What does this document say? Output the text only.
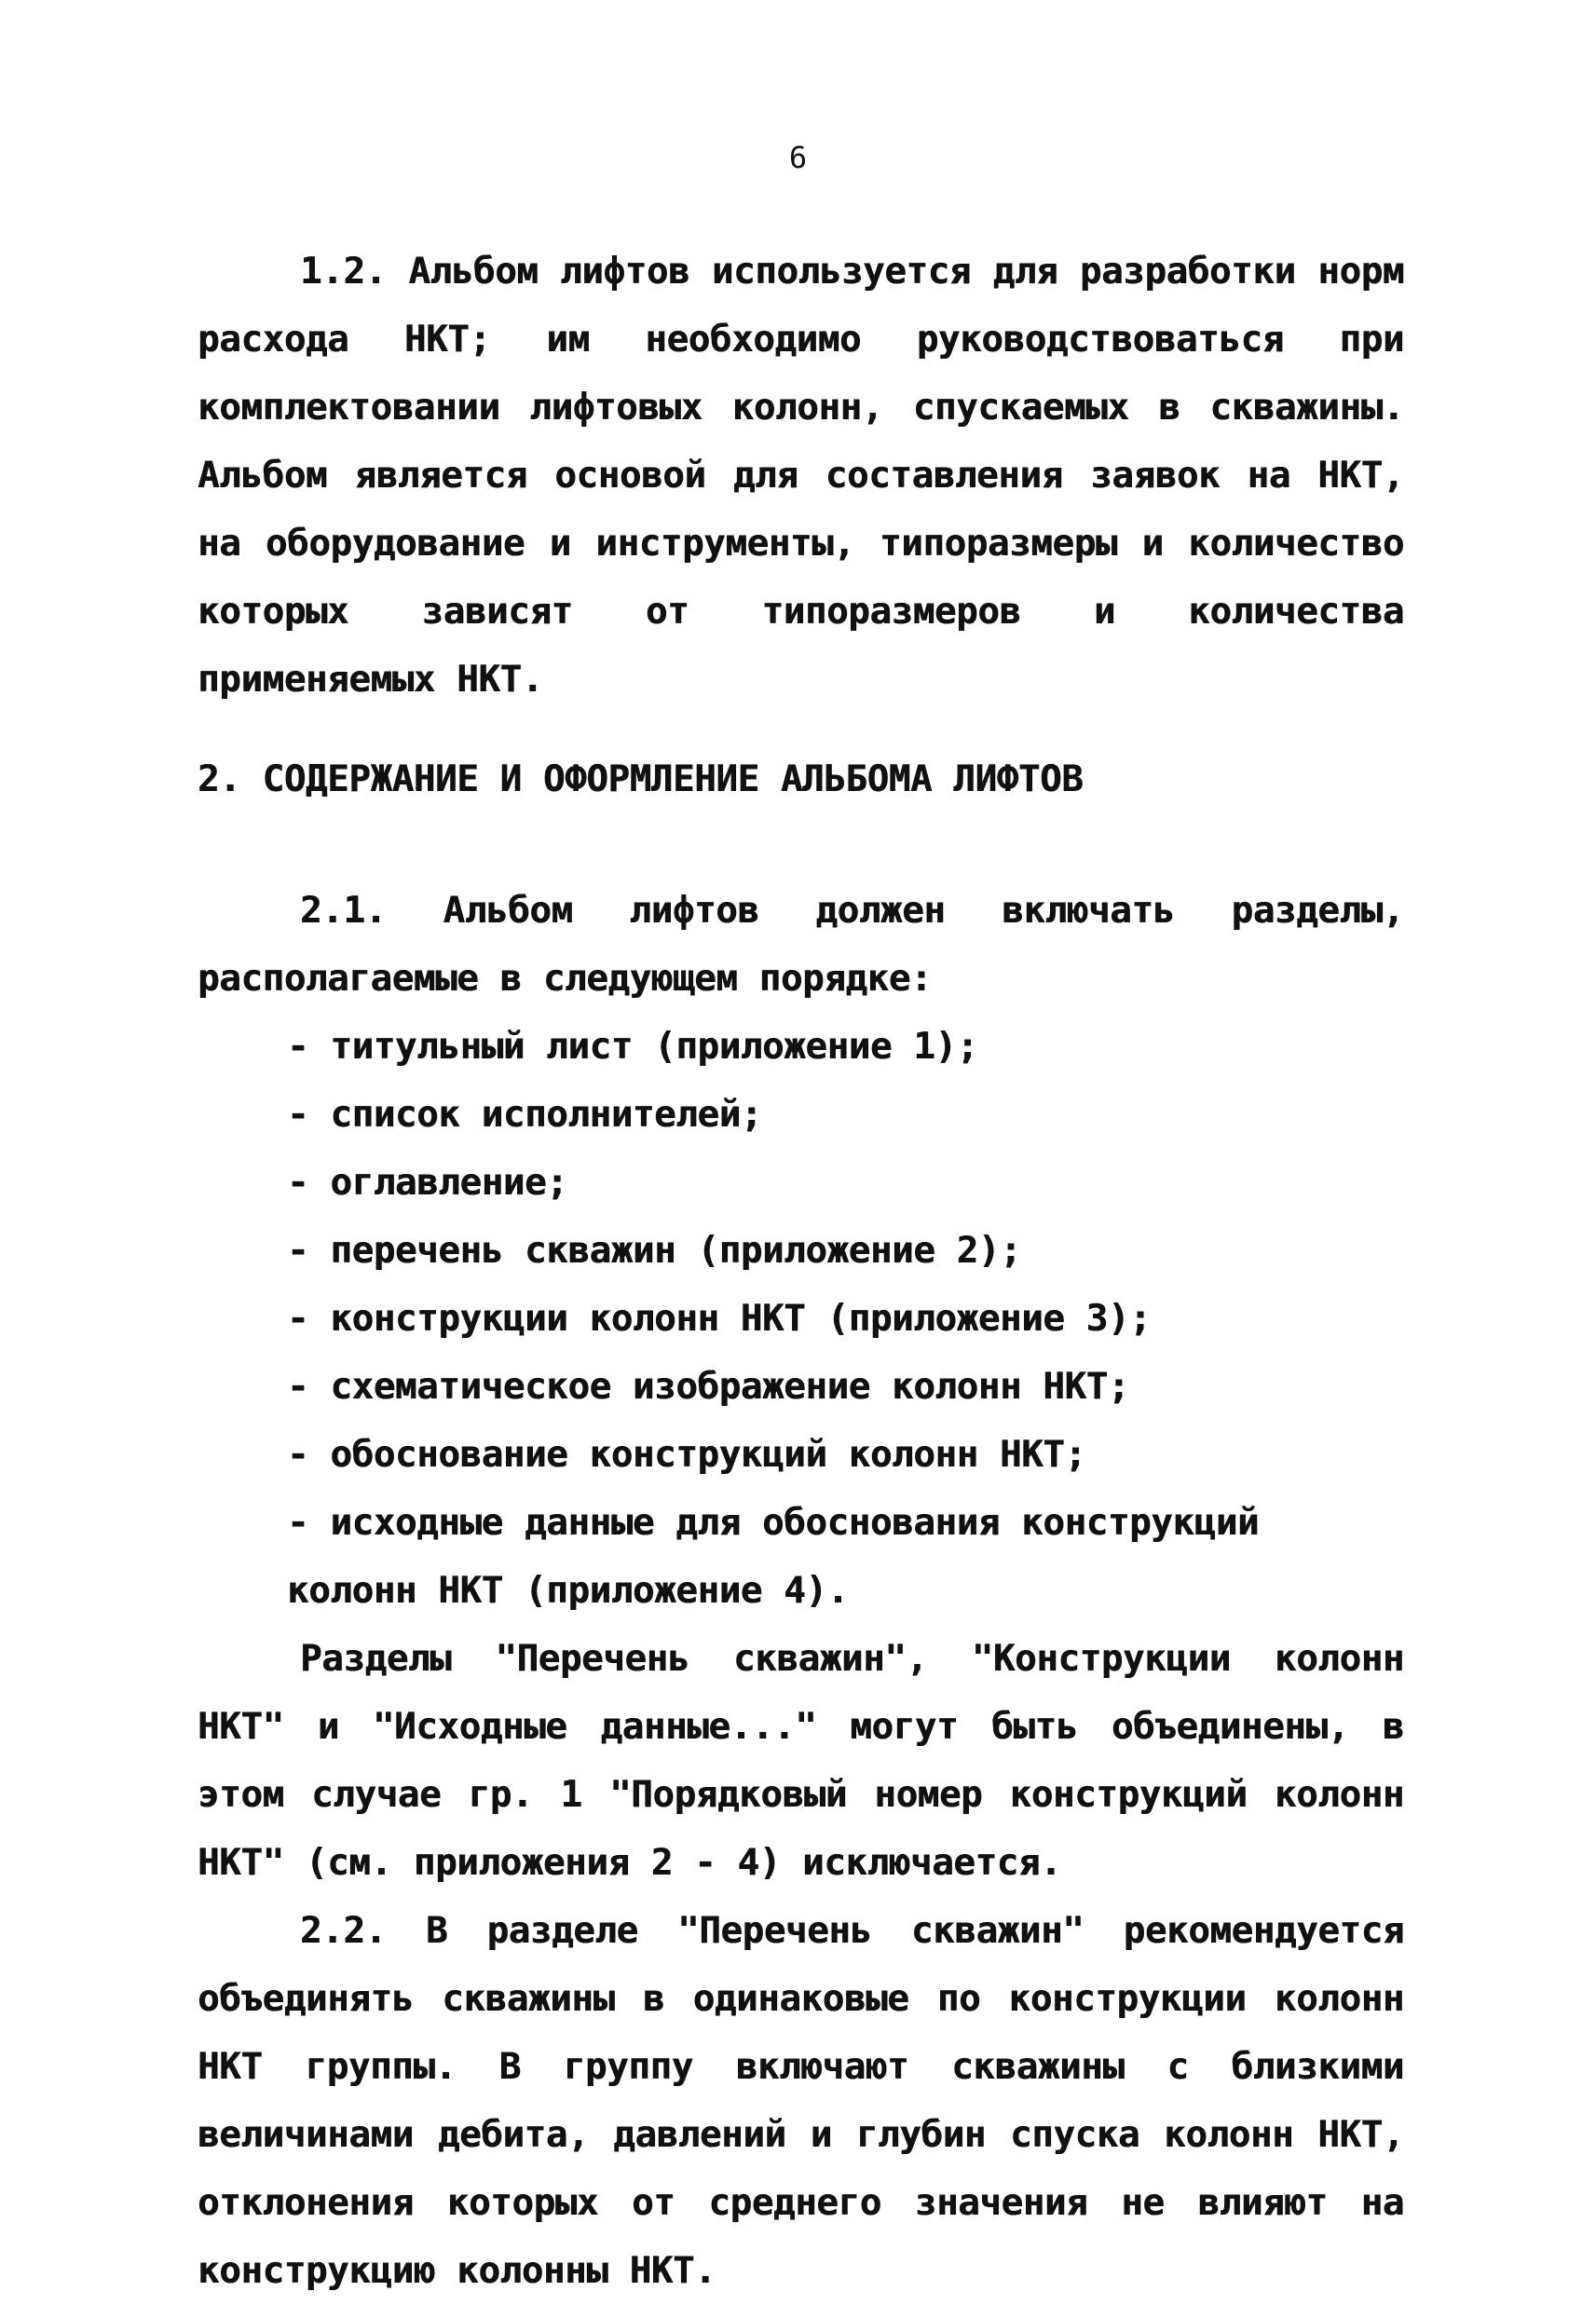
6

1.2. Альбом лифтов используется для разработки норм расхода НКТ; им необходимо руководствоваться при комплектовании лифтовых колонн, спускаемых в скважины. Альбом является основой для составления заявок на НКТ, на оборудование и инструменты, типоразмеры и количество которых зависят от типоразмеров и количества применяемых НКТ.

2. СОДЕРЖАНИЕ И ОФОРМЛЕНИЕ АЛЬБОМА ЛИФТОВ

2.1. Альбом лифтов должен включать разделы, располагаемые в следующем порядке:

- титульный лист (приложение 1);
- список исполнителей;
- оглавление;
- перечень скважин (приложение 2);
- конструкции колонн НКТ (приложение 3);
- схематическое изображение колонн НКТ;
- обоснование конструкций колонн НКТ;
- исходные данные для обоснования конструкций колонн НКТ (приложение 4).

Разделы "Перечень скважин", "Конструкции колонн НКТ" и "Исходные данные..." могут быть объединены, в этом случае гр. 1 "Порядковый номер конструкций колонн НКТ" (см. приложения 2 - 4) исключается.

2.2. В разделе "Перечень скважин" рекомендуется объединять скважины в одинаковые по конструкции колонн НКТ группы. В группу включают скважины с близкими величинами дебита, давлений и глубин спуска колонн НКТ, отклонения которых от среднего значения не влияют на конструкцию колонны НКТ.
